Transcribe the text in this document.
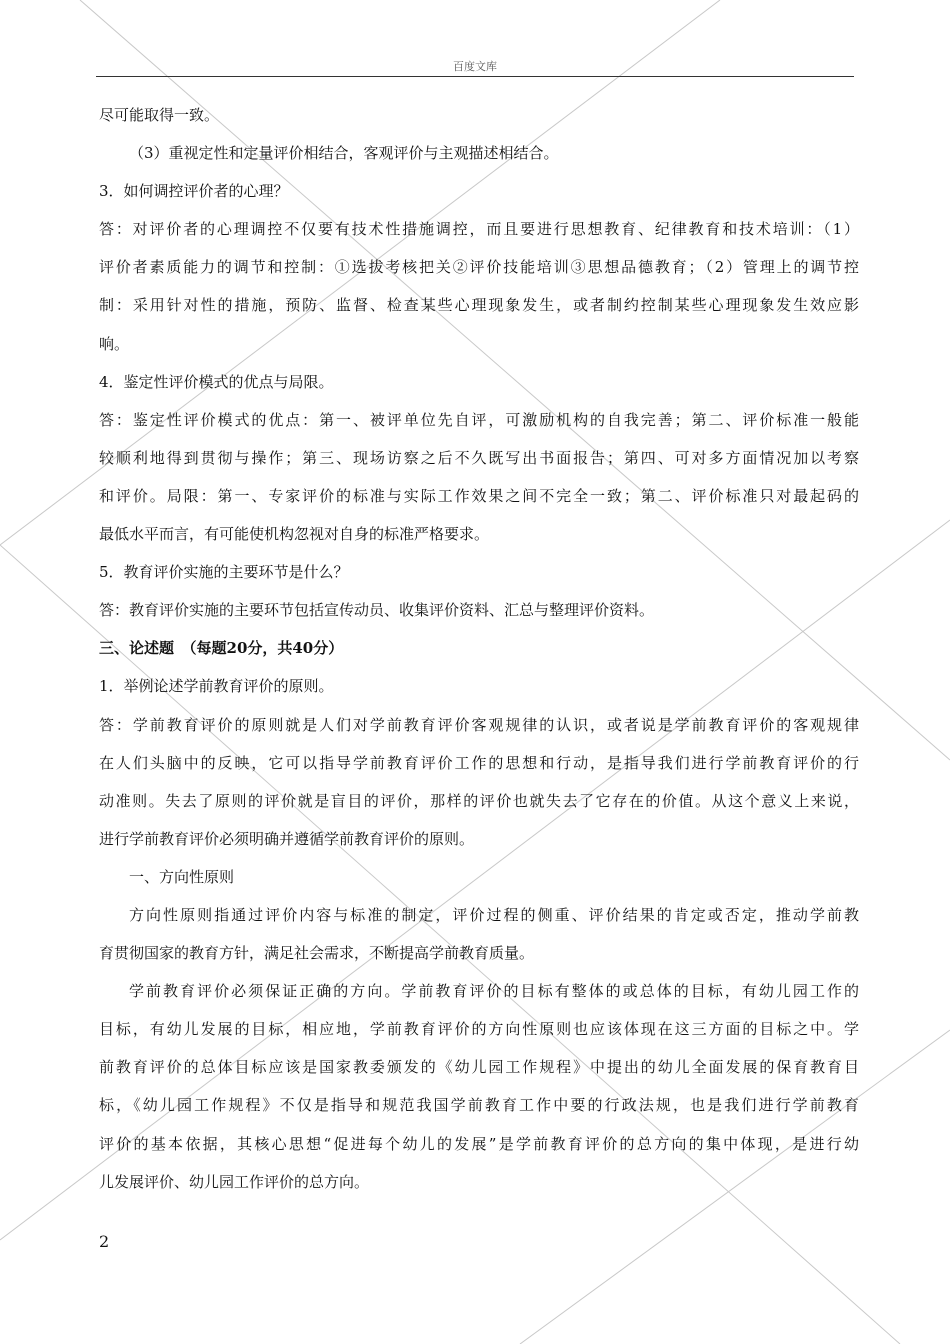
百度文库
尽可能取得一致。
（3）重视定性和定量评价相结合，客观评价与主观描述相结合。
3．如何调控评价者的心理？
答：对评价者的心理调控不仅要有技术性措施调控，而且要进行思想教育、纪律教育和技术培训：（1）
评价者素质能力的调节和控制：①选拔考核把关②评价技能培训③思想品德教育；（2）管理上的调节控
制：采用针对性的措施，预防、监督、检查某些心理现象发生，或者制约控制某些心理现象发生效应影
响。
4．鉴定性评价模式的优点与局限。
答：鉴定性评价模式的优点：第一、被评单位先自评，可激励机构的自我完善；第二、评价标准一般能
较顺利地得到贯彻与操作；第三、现场访察之后不久既写出书面报告；第四、可对多方面情况加以考察
和评价。局限：第一、专家评价的标准与实际工作效果之间不完全一致；第二、评价标准只对最起码的
最低水平而言，有可能使机构忽视对自身的标准严格要求。
5．教育评价实施的主要环节是什么？
答：教育评价实施的主要环节包括宣传动员、收集评价资料、汇总与整理评价资料。
三、论述题　（每题20分，共40分）
1．举例论述学前教育评价的原则。
答：学前教育评价的原则就是人们对学前教育评价客观规律的认识，或者说是学前教育评价的客观规律
在人们头脑中的反映，它可以指导学前教育评价工作的思想和行动，是指导我们进行学前教育评价的行
动准则。失去了原则的评价就是盲目的评价，那样的评价也就失去了它存在的价值。从这个意义上来说，
进行学前教育评价必须明确并遵循学前教育评价的原则。
一、方向性原则
方向性原则指通过评价内容与标准的制定，评价过程的侧重、评价结果的肯定或否定，推动学前教
育贯彻国家的教育方针，满足社会需求，不断提高学前教育质量。
学前教育评价必须保证正确的方向。学前教育评价的目标有整体的或总体的目标，有幼儿园工作的
目标，有幼儿发展的目标，相应地，学前教育评价的方向性原则也应该体现在这三方面的目标之中。学
前教育评价的总体目标应该是国家教委颁发的《幼儿园工作规程》中提出的幼儿全面发展的保育教育目
标，《幼儿园工作规程》不仅是指导和规范我国学前教育工作中要的行政法规，也是我们进行学前教育
评价的基本依据，其核心思想“促进每个幼儿的发展”是学前教育评价的总方向的集中体现，是进行幼
儿发展评价、幼儿园工作评价的总方向。
2
